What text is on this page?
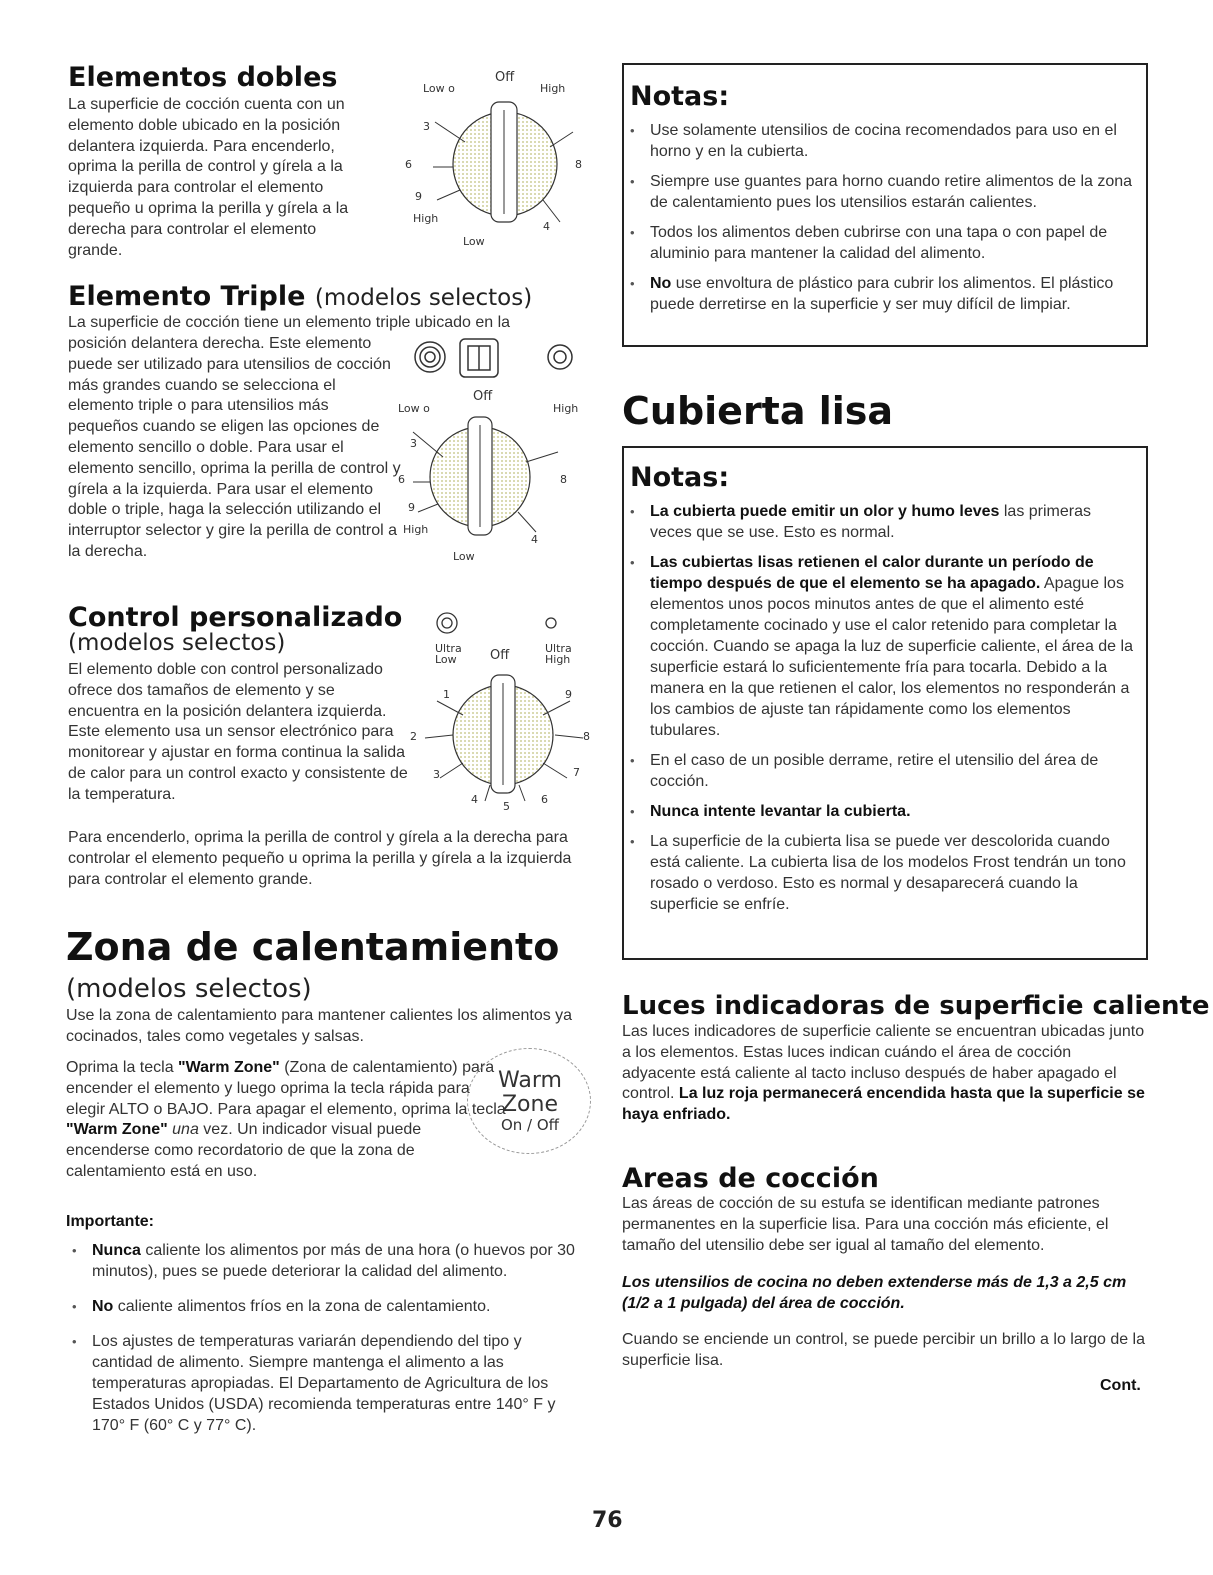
Elementos dobles

La superficie de cocción cuenta con un elemento doble ubicado en la posición delantera izquierda. Para encenderlo, oprima la perilla de control y gírela a la izquierda para controlar el elemento pequeño u oprima la perilla y gírela a la derecha para controlar el elemento grande.

Low o
Off
High
3
6	8
9
High
4
Low
Elemento Triple (modelos selectos)

La superficie de cocción tiene un elemento triple ubicado en la

posición delantera derecha. Este elemento puede ser utilizado para utensilios de cocción más grandes cuando se selecciona el elemento triple o para utensilios más pequeños cuando se eligen las opciones de elemento sencillo o doble. Para usar el elemento sencillo, oprima la perilla de control y gírela a la izquierda. Para usar el elemento doble o triple, haga la selección utilizando el interruptor selector y gire la perilla de control a la derecha.

Low o
Off
High
3
6	8
9
High
4
Low
Control personalizado
(modelos selectos)

El elemento doble con control personalizado ofrece dos tamaños de elemento y se encuentra en la posición delantera izquierda. Este elemento usa un sensor electrónico para monitorear y ajustar en forma continua la salida de calor para un control exacto y consistente de la temperatura.

Para encenderlo, oprima la perilla de control y gírela a la derecha para controlar el elemento pequeño u oprima la perilla y gírela a la izquierda para controlar el elemento grande.

Ultra Low	Off	Ultra High
1	9
2	8
3	7
4
5
6
Zona de calentamiento
(modelos selectos)

Use la zona de calentamiento para mantener calientes los alimentos ya cocinados, tales como vegetales y salsas.

Oprima la tecla "Warm Zone" (Zona de calentamiento) para encender el elemento y luego oprima la tecla rápida para elegir ALTO o BAJO. Para apagar el elemento, oprima la tecla "Warm Zone" una vez. Un indicador visual puede encenderse como recordatorio de que la zona de calentamiento está en uso.

Warm
Zone
On / Off
Importante:
• Nunca caliente los alimentos por más de una hora (o huevos por 30 minutos), pues se puede deteriorar la calidad del alimento.
• No caliente alimentos fríos en la zona de calentamiento.
• Los ajustes de temperaturas variarán dependiendo del tipo y cantidad de alimento. Siempre mantenga el alimento a las temperaturas apropiadas. El Departamento de Agricultura de los Estados Unidos (USDA) recomienda temperaturas entre 140° F y 170° F (60° C y 77° C).
Notas:
• Use solamente utensilios de cocina recomendados para uso en el horno y en la cubierta.
• Siempre use guantes para horno cuando retire alimentos de la zona de calentamiento pues los utensilios estarán calientes.
• Todos los alimentos deben cubrirse con una tapa o con papel de aluminio para mantener la calidad del alimento.
• No use envoltura de plástico para cubrir los alimentos. El plástico puede derretirse en la superficie y ser muy difícil de limpiar.
Cubierta lisa
Notas:
• La cubierta puede emitir un olor y humo leves las primeras veces que se use. Esto es normal.
• Las cubiertas lisas retienen el calor durante un período de tiempo después de que el elemento se ha apagado. Apague los elementos unos pocos minutos antes de que el alimento esté completamente cocinado y use el calor retenido para completar la cocción. Cuando se apaga la luz de superficie caliente, el área de la superficie estará lo suficientemente fría para tocarla. Debido a la manera en la que retienen el calor, los elementos no responderán a los cambios de ajuste tan rápidamente como los elementos tubulares.
• En el caso de un posible derrame, retire el utensilio del área de cocción.
• Nunca intente levantar la cubierta.
• La superficie de la cubierta lisa se puede ver descolorida cuando está caliente. La cubierta lisa de los modelos Frost tendrán un tono rosado o verdoso. Esto es normal y desaparecerá cuando la superficie se enfríe.
Luces indicadoras de superficie caliente

Las luces indicadores de superficie caliente se encuentran ubicadas junto a los elementos. Estas luces indican cuándo el área de cocción adyacente está caliente al tacto incluso después de haber apagado el control. La luz roja permanecerá encendida hasta que la superficie se haya enfriado.

Areas de cocción

Las áreas de cocción de su estufa se identifican mediante patrones permanentes en la superficie lisa. Para una cocción más eficiente, el tamaño del utensilio debe ser igual al tamaño del elemento.

Los utensilios de cocina no deben extenderse más de 1,3 a 2,5 cm (1/2 a 1 pulgada) del área de cocción.

Cuando se enciende un control, se puede percibir un brillo a lo largo de la superficie lisa.

Cont.
76
